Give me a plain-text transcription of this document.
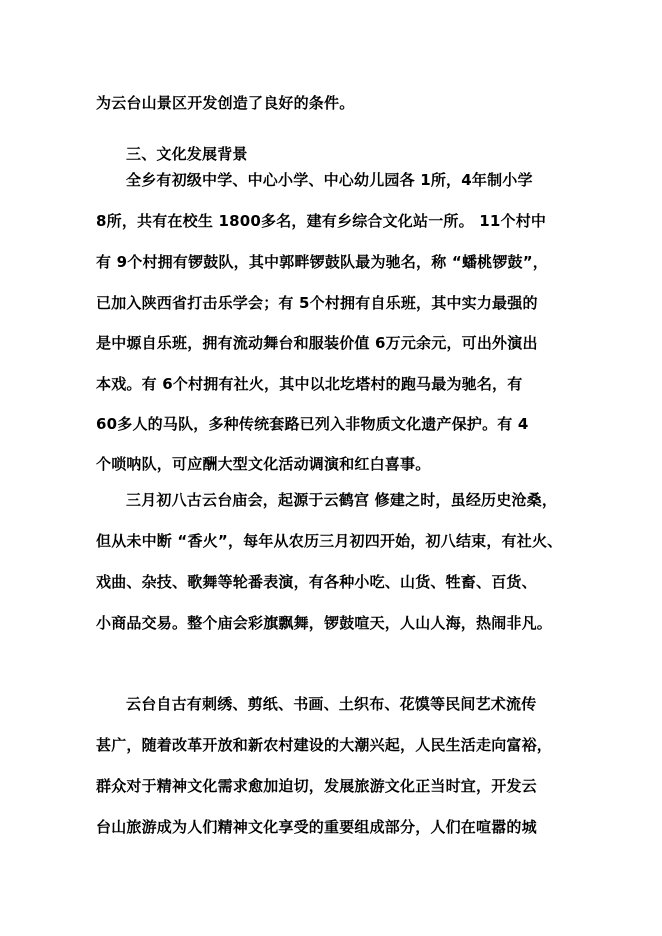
为云台山景区开发创造了良好的条件。
三、文化发展背景
全乡有初级中学、中心小学、中心幼儿园各 1所，4年制小学
8所，共有在校生 1800多名，建有乡综合文化站一所。 11个村中
有 9个村拥有锣鼓队，其中郭畔锣鼓队最为驰名，称 “蟠桃锣鼓”，
已加入陕西省打击乐学会；有 5个村拥有自乐班，其中实力最强的
是中塬自乐班，拥有流动舞台和服装价值 6万元余元，可出外演出
本戏。有 6个村拥有社火，其中以北圪塔村的跑马最为驰名，有
60多人的马队，多种传统套路已列入非物质文化遗产保护。有 4
个唢呐队，可应酬大型文化活动调演和红白喜事。
三月初八古云台庙会，起源于云鹤宫 修建之时，虽经历史沧桑，
但从未中断 “香火”，每年从农历三月初四开始，初八结束，有社火、
戏曲、杂技、歌舞等轮番表演，有各种小吃、山货、牲畜、百货、
小商品交易。整个庙会彩旗飘舞，锣鼓喧天，人山人海，热闹非凡。
云台自古有刺绣、剪纸、书画、土织布、花馍等民间艺术流传
甚广，随着改革开放和新农村建设的大潮兴起，人民生活走向富裕，
群众对于精神文化需求愈加迫切，发展旅游文化正当时宜，开发云
台山旅游成为人们精神文化享受的重要组成部分，人们在喧嚣的城
